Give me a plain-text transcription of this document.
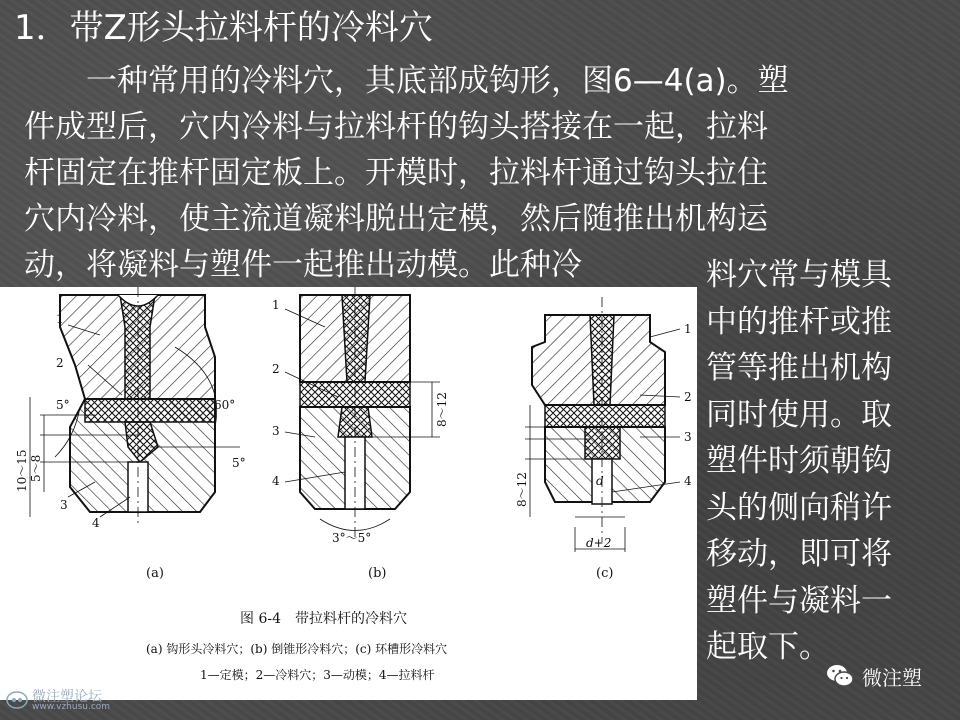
1．带Z形头拉料杆的冷料穴
　　一种常用的冷料穴，其底部成钩形，图6—4(a)。塑
件成型后，穴内冷料与拉料杆的钩头搭接在一起，拉料
杆固定在推杆固定板上。开模时，拉料杆通过钩头拉住
穴内冷料，使主流道凝料脱出定模，然后随推出机构运
动，将凝料与塑件一起推出动模。此种冷	料穴常与模具
中的推杆或推
管等推出机构
同时使用。取
塑件时须朝钩
头的侧向稍许
移动，即可将
塑件与凝料一
起取下。
1
2
3
4
1
2
3
4
1
2
3
4
60°
5°
5°
5～8
10～15
3°～5°
8～12
8～12	d
d+2
(a)	(b)	(c)
图 6-4　带拉料杆的冷料穴
(a) 钩形头冷料穴；(b) 倒锥形冷料穴；(c) 环槽形冷料穴
1—定模；2—冷料穴；3—动模；4—拉料杆
微注塑论坛
www.vzhusu.com
微注塑
